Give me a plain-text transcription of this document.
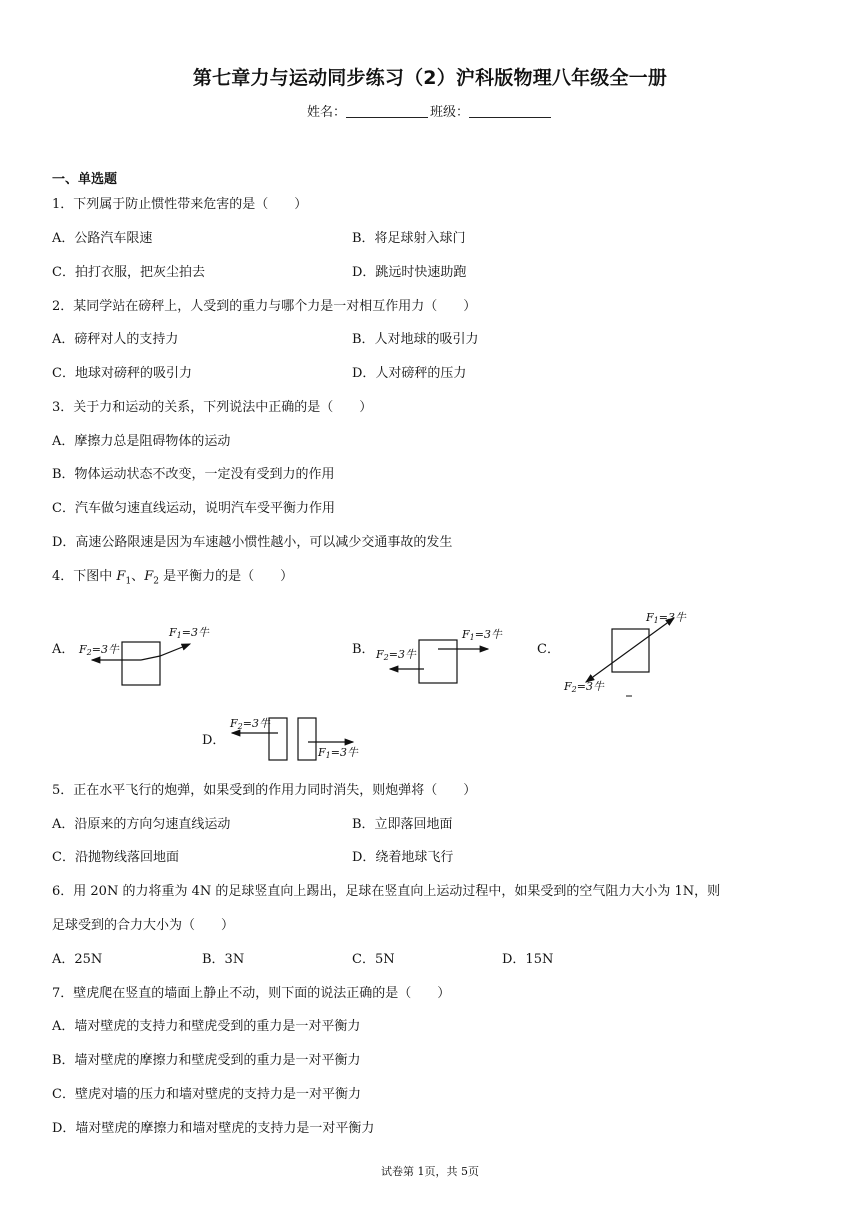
第七章力与运动同步练习（2）沪科版物理八年级全一册
姓名：	班级：
一、单选题
1．下列属于防止惯性带来危害的是（　　）
A．公路汽车限速	B．将足球射入球门
C．拍打衣服，把灰尘拍去	D．跳远时快速助跑
2．某同学站在磅秤上，人受到的重力与哪个力是一对相互作用力（　　）
A．磅秤对人的支持力	B．人对地球的吸引力
C．地球对磅秤的吸引力	D．人对磅秤的压力
3．关于力和运动的关系，下列说法中正确的是（　　）
A．摩擦力总是阻碍物体的运动
B．物体运动状态不改变，一定没有受到力的作用
C．汽车做匀速直线运动，说明汽车受平衡力作用
D．高速公路限速是因为车速越小惯性越小，可以减少交通事故的发生
4．下图中 $F_1$、$F_2$ 是平衡力的是（　　）
A． F2=3牛
F1=3牛
B． F2=3牛
F1=3牛
C．
F1=3牛
F2=3牛
D．
F2=3牛
F1=3牛
5．正在水平飞行的炮弹，如果受到的作用力同时消失，则炮弹将（　　）
A．沿原来的方向匀速直线运动	B．立即落回地面
C．沿抛物线落回地面	D．绕着地球飞行
6．用 20N 的力将重为 4N 的足球竖直向上踢出，足球在竖直向上运动过程中，如果受到的空气阻力大小为 1N，则
足球受到的合力大小为（　　）
A．25N	B．3N	C．5N	D．15N
7．壁虎爬在竖直的墙面上静止不动，则下面的说法正确的是（　　）
A．墙对壁虎的支持力和壁虎受到的重力是一对平衡力
B．墙对壁虎的摩擦力和壁虎受到的重力是一对平衡力
C．壁虎对墙的压力和墙对壁虎的支持力是一对平衡力
D．墙对壁虎的摩擦力和墙对壁虎的支持力是一对平衡力
试卷第 1页，共 5页
